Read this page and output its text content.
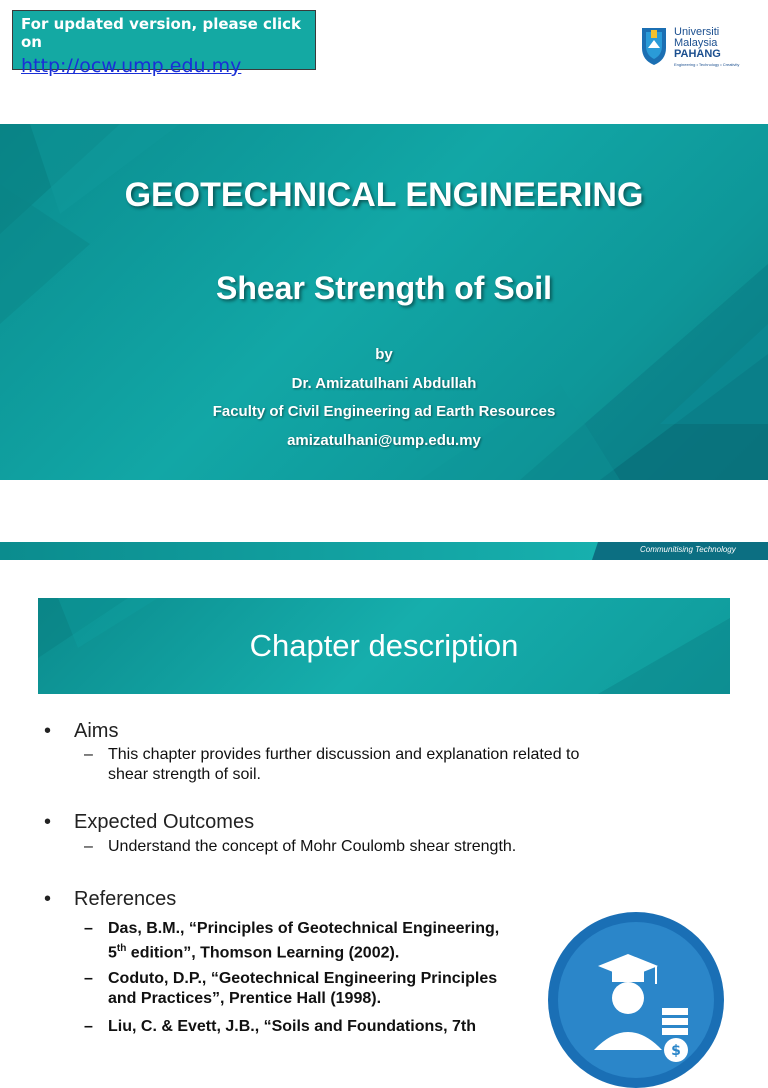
For updated version, please click on
http://ocw.ump.edu.my
Universiti
Malaysia
PAHANG
Engineering • Technology • Creativity
GEOTECHNICAL ENGINEERING
Shear Strength of Soil
by
Dr. Amizatulhani Abdullah
Faculty of Civil Engineering ad Earth Resources
amizatulhani@ump.edu.my
Communitising Technology
Chapter description
• Aims
– This chapter provides further discussion and explanation related to
shear strength of soil.
• Expected Outcomes
– Understand the concept of Mohr Coulomb shear strength.
• References
– Das, B.M., “Principles of Geotechnical Engineering,
5th edition”, Thomson Learning (2002).
– Coduto, D.P., “Geotechnical Engineering Principles
and Practices”, Prentice Hall (1998).
– Liu, C. & Evett, J.B., “Soils and Foundations, 7th
$
